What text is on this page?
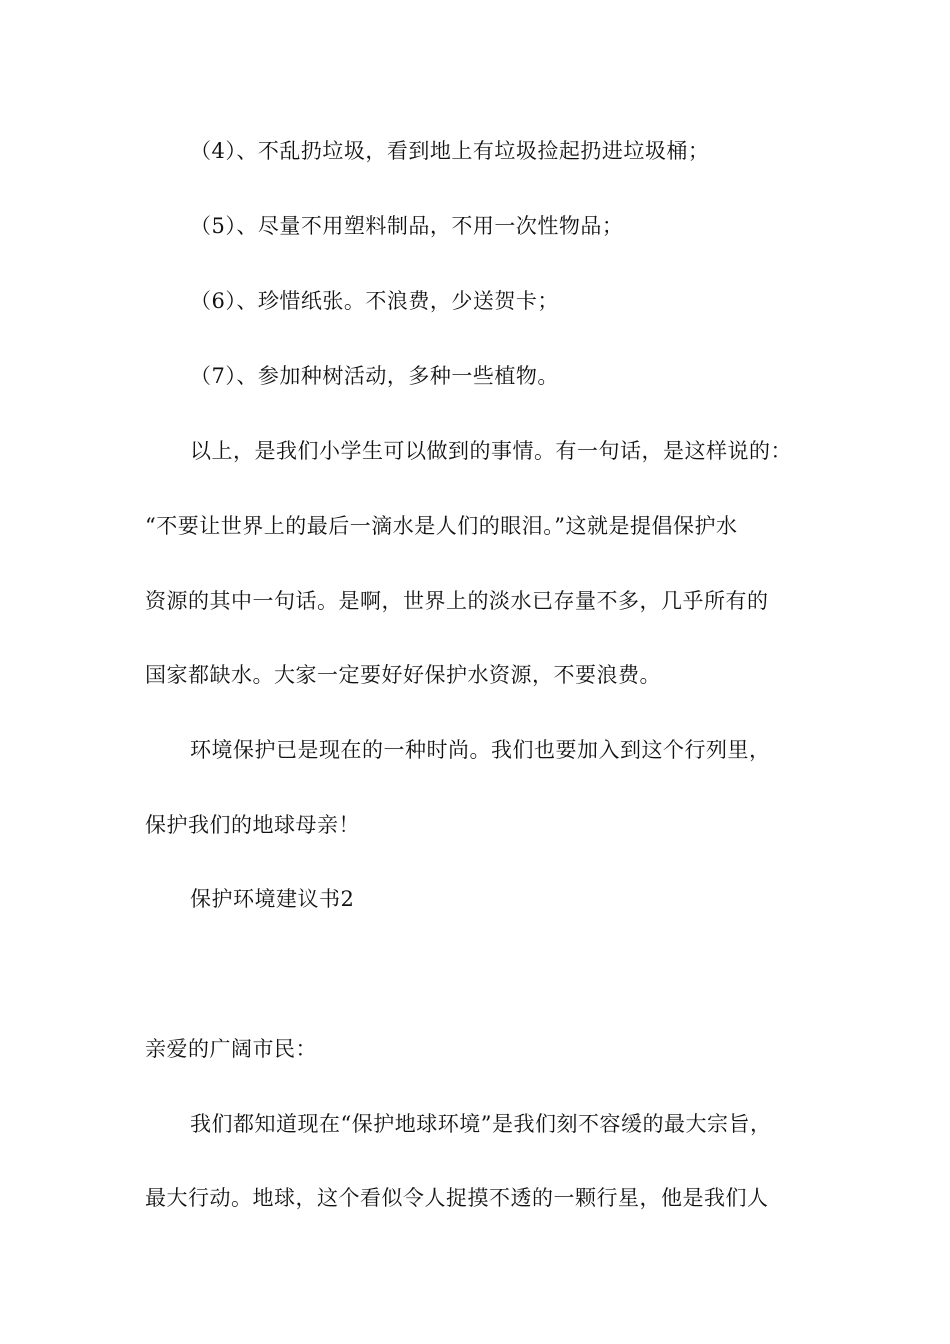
（4）、不乱扔垃圾，看到地上有垃圾捡起扔进垃圾桶；
（5）、尽量不用塑料制品，不用一次性物品；
（6）、珍惜纸张。不浪费，少送贺卡；
（7）、参加种树活动，多种一些植物。
以上，是我们小学生可以做到的事情。有一句话，是这样说的：
“不要让世界上的最后一滴水是人们的眼泪。”这就是提倡保护水
资源的其中一句话。是啊，世界上的淡水已存量不多，几乎所有的
国家都缺水。大家一定要好好保护水资源，不要浪费。
环境保护已是现在的一种时尚。我们也要加入到这个行列里，
保护我们的地球母亲！
保护环境建议书2
亲爱的广阔市民：
我们都知道现在“保护地球环境”是我们刻不容缓的最大宗旨，
最大行动。地球，这个看似令人捉摸不透的一颗行星，他是我们人
